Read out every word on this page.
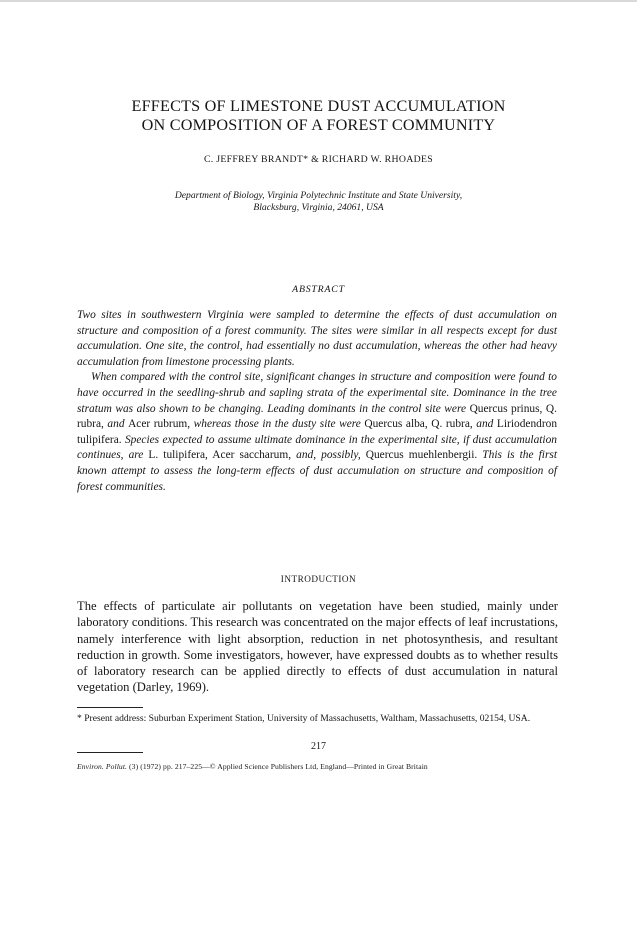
EFFECTS OF LIMESTONE DUST ACCUMULATION
ON COMPOSITION OF A FOREST COMMUNITY
C. JEFFREY BRANDT* & RICHARD W. RHOADES
Department of Biology, Virginia Polytechnic Institute and State University,
Blacksburg, Virginia, 24061, USA
ABSTRACT

Two sites in southwestern Virginia were sampled to determine the effects of dust accumulation on structure and composition of a forest community. The sites were similar in all respects except for dust accumulation. One site, the control, had essentially no dust accumulation, whereas the other had heavy accumulation from limestone processing plants.

When compared with the control site, significant changes in structure and composition were found to have occurred in the seedling-shrub and sapling strata of the experimental site. Dominance in the tree stratum was also shown to be changing. Leading dominants in the control site were Quercus prinus, Q. rubra, and Acer rubrum, whereas those in the dusty site were Quercus alba, Q. rubra, and Liriodendron tulipifera. Species expected to assume ultimate dominance in the experimental site, if dust accumulation continues, are L. tulipifera, Acer saccharum, and, possibly, Quercus muehlenbergii. This is the first known attempt to assess the long-term effects of dust accumulation on structure and composition of forest communities.

INTRODUCTION

The effects of particulate air pollutants on vegetation have been studied, mainly under laboratory conditions. This research was concentrated on the major effects of leaf incrustations, namely interference with light absorption, reduction in net photosynthesis, and resultant reduction in growth. Some investigators, however, have expressed doubts as to whether results of laboratory research can be applied directly to effects of dust accumulation in natural vegetation (Darley, 1969).

* Present address: Suburban Experiment Station, University of Massachusetts, Waltham, Massachusetts, 02154, USA.
217
Environ. Pollut. (3) (1972) pp. 217–225—© Applied Science Publishers Ltd, England—Printed in Great Britain
